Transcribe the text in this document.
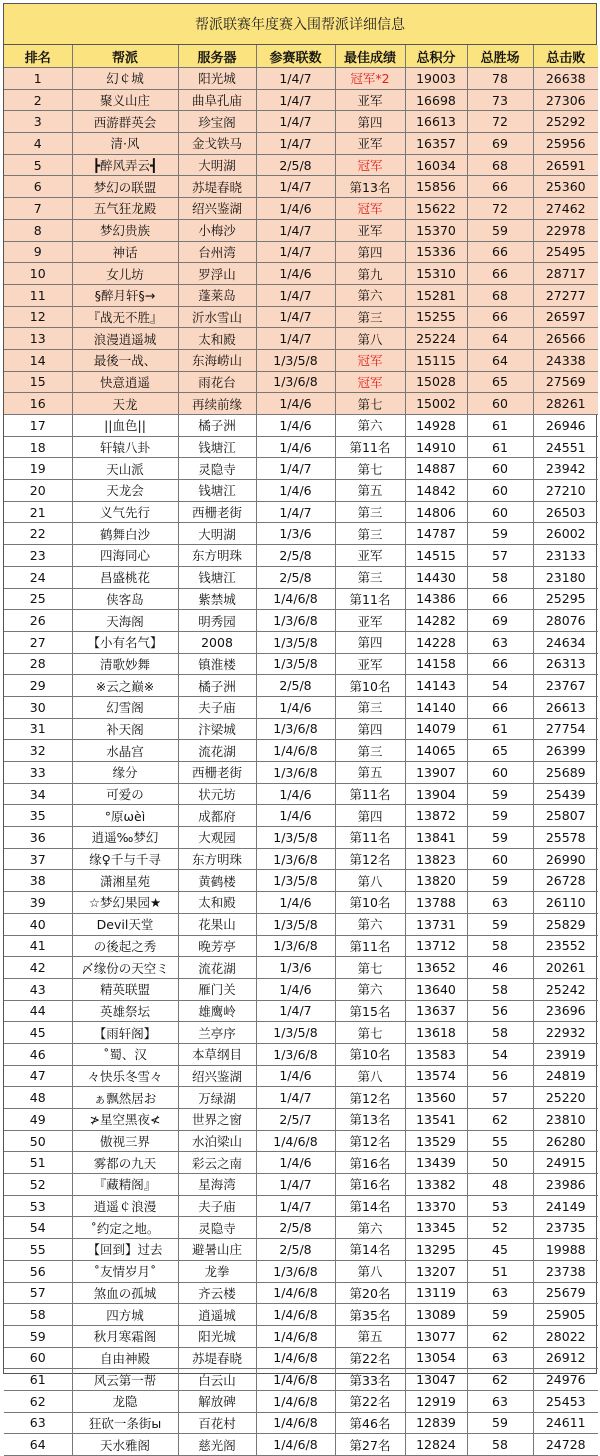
帮派联赛年度赛入围帮派详细信息
排名	帮派	服务器	参赛联数	最佳成绩	总积分	总胜场	总击败
1	幻￠城	阳光城	1/4/7	冠军*2	19003	78	26638
2	聚义山庄	曲阜孔庙	1/4/7	亚军	16698	73	27306
3	西游群英会	珍宝阁	1/4/7	第四	16613	72	25292
4	清·风	金戈铁马	1/4/7	亚军	16357	69	25956
5	┣醉风弄云┫	大明湖	2/5/8	冠军	16034	68	26591
6	梦幻の联盟	苏堤春晓	1/4/7	第13名	15856	66	25360
7	五气狂龙殿	绍兴鉴湖	1/4/6	冠军	15622	72	27462
8	梦幻贵族	小梅沙	1/4/7	亚军	15370	59	22978
9	神话	台州湾	1/4/7	第四	15336	66	25495
10	女儿坊	罗浮山	1/4/6	第九	15310	66	28717
11	§醉月轩§→	蓬莱岛	1/4/7	第六	15281	68	27277
12	『战无不胜』	沂水雪山	1/4/7	第三	15255	66	26597
13	浪漫逍遥城	太和殿	1/4/7	第八	25224	64	26566
14	最後一战、	东海崂山	1/3/5/8	冠军	15115	64	24338
15	快意逍遥	雨花台	1/3/6/8	冠军	15028	65	27569
16	天龙	再续前缘	1/4/6	第七	15002	60	28261
17	||血色||	橘子洲	1/4/6	第六	14928	61	26946
18	轩辕八卦	钱塘江	1/4/6	第11名	14910	61	24551
19	天山派	灵隐寺	1/4/7	第七	14887	60	23942
20	天龙会	钱塘江	1/4/6	第五	14842	60	27210
21	义气先行	西栅老街	1/4/7	第三	14806	60	26503
22	鹤舞白沙	大明湖	1/3/6	第三	14787	59	26002
23	四海同心	东方明珠	2/5/8	亚军	14515	57	23133
24	昌盛桃花	钱塘江	2/5/8	第三	14430	58	23180
25	侠客岛	紫禁城	1/4/6/8	第11名	14386	66	25295
26	天海阁	明秀园	1/3/6/8	亚军	14282	69	28076
27	【小有名气】	2008	1/3/5/8	第四	14228	63	24634
28	清歌妙舞	镇淮楼	1/3/5/8	亚军	14158	66	26313
29	※云之巅※	橘子洲	2/5/8	第10名	14143	54	23767
30	幻雪阁	夫子庙	1/4/6	第三	14140	66	26613
31	补天阁	汴梁城	1/3/6/8	第四	14079	61	27754
32	水晶宫	流花湖	1/4/6/8	第三	14065	65	26399
33	缘分	西栅老街	1/3/6/8	第五	13907	60	25689
34	可爱の	状元坊	1/4/6	第11名	13904	59	25439
35	°原ωèì	成都府	1/4/6	第四	13872	59	25807
36	逍遥‰梦幻	大观园	1/3/5/8	第11名	13841	59	25578
37	缘♀千与千寻	东方明珠	1/3/6/8	第12名	13823	60	26990
38	潇湘星苑	黄鹤楼	1/3/5/8	第八	13820	59	26728
39	☆梦幻果园★	太和殿	1/4/6	第10名	13788	63	26110
40	Devil天堂	花果山	1/3/5/8	第六	13731	59	25829
41	の後起之秀	晚芳亭	1/3/6/8	第11名	13712	58	23552
42	〆缘份の天空ミ	流花湖	1/3/6	第七	13652	46	20261
43	精英联盟	雁门关	1/4/6	第六	13640	58	25242
44	英雄祭坛	雄鹰岭	1/4/7	第15名	13637	56	23696
45	【雨轩阁】	兰亭序	1/3/5/8	第七	13618	58	22932
46	˚蜀、汉	本草纲目	1/3/6/8	第10名	13583	54	23919
47	々快乐冬雪々	绍兴鉴湖	1/4/6	第八	13574	56	24819
48	ぁ飘然居お	万绿湖	1/4/7	第12名	13560	57	25220
49	≯星空黑夜≮	世界之窗	2/5/7	第13名	13541	62	23810
50	傲视三界	水泊梁山	1/4/6/8	第12名	13529	55	26280
51	雾都の九天	彩云之南	1/4/6	第16名	13439	50	24915
52	『藏精阁』	星海湾	1/4/7	第16名	13382	48	23986
53	逍遥￠浪漫	夫子庙	1/4/7	第14名	13370	53	24149
54	˚约定之地。	灵隐寺	2/5/8	第六	13345	52	23735
55	【回到】过去	避暑山庄	2/5/8	第14名	13295	45	19988
56	˚友情岁月˚	龙拳	1/3/6/8	第八	13207	51	23738
57	煞血の孤城	齐云楼	1/4/6/8	第20名	13119	63	25679
58	四方城	逍遥城	1/4/6/8	第35名	13089	59	25905
59	秋月寒霜阁	阳光城	1/4/6/8	第五	13077	62	28022
60	自由神殿	苏堤春晓	1/4/6/8	第22名	13054	63	26912
61	风云第一帮	白云山	1/4/6/8	第33名	13047	62	24976
62	龙隐	解放碑	1/4/6/8	第22名	12919	63	25453
63	狂砍一条街ы	百花村	1/4/6/8	第46名	12839	59	24611
64	天水雅阁	慈光阁	1/4/6/8	第27名	12824	58	24728
